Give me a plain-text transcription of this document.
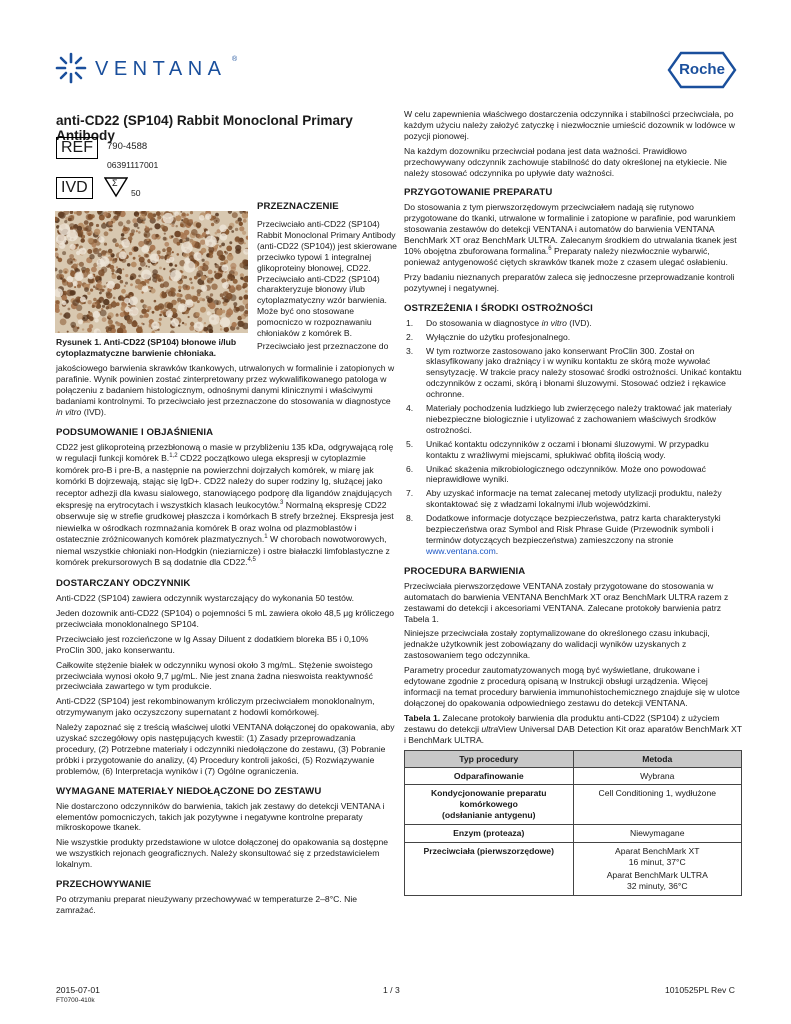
VENTANA ®
Roche
anti-CD22 (SP104) Rabbit Monoclonal Primary Antibody
REF	790-4588
06391117001
IVD	Σ
50
Rysunek 1. Anti-CD22 (SP104) błonowe i/lub cytoplazmatyczne barwienie chłoniaka.
PRZEZNACZENIE

Przeciwciało anti-CD22 (SP104) Rabbit Monoclonal Primary Antibody (anti-CD22 (SP104)) jest skierowane przeciwko typowi 1 integralnej glikoproteiny błonowej, CD22. Przeciwciało anti-CD22 (SP104) charakteryzuje błonowy i/lub cytoplazmatyczny wzór barwienia. Może być ono stosowane pomocniczo w rozpoznawaniu chłoniaków z komórek B.

Przeciwciało jest przeznaczone do

jakościowego barwienia skrawków tkankowych, utrwalonych w formalinie i zatopionych w parafinie. Wynik powinien zostać zinterpretowany przez wykwalifikowanego patologa w połączeniu z badaniem histologicznym, odnośnymi danymi klinicznymi i właściwymi badaniami kontrolnymi. To przeciwciało jest przeznaczone do stosowania w diagnostyce in vitro (IVD).

PODSUMOWANIE I OBJAŚNIENIA

CD22 jest glikoproteiną przezbłonową o masie w przybliżeniu 135 kDa, odgrywającą rolę w regulacji funkcji komórek B.$^{1,2}$ CD22 początkowo ulega ekspresji w cytoplazmie komórek pro-B i pre-B, a następnie na powierzchni dojrzałych komórek, w miarę jak komórki B dojrzewają, stając się IgD+. CD22 należy do super rodziny Ig, służącej jako receptor adhezji dla kwasu sialowego, stanowiącego podporę dla ligandów znajdujących ekspresję na erytrocytach i wszystkich klasach leukocytów.$^3$ Normalną ekspresję CD22 obserwuje się w strefie grudkowej płaszcza i komórkach B strefy brzeżnej. Ekspresja jest niewielka w ośrodkach rozmnażania komórek B oraz wolna od plazmoblastów i ostatecznie zróżnicowanych komórek plazmatycznych.$^1$ W chorobach nowotworowych, niemal wszystkie chłoniaki non-Hodgkin (nieziarnicze) i ostre białaczki limfoblastyczne z komórek prekursorowych B są dodatnie dla CD22.$^{4,5}$

DOSTARCZANY ODCZYNNIK

Anti-CD22 (SP104) zawiera odczynnik wystarczający do wykonania 50 testów.

Jeden dozownik anti-CD22 (SP104) o pojemności 5 mL zawiera około 48,5 μg króliczego przeciwciała monoklonalnego SP104.

Przeciwciało jest rozcieńczone w Ig Assay Diluent z dodatkiem bloreka B5 i 0,10% ProClin 300, jako konserwantu.

Całkowite stężenie białek w odczynniku wynosi około 3 mg/mL. Stężenie swoistego przeciwciała wynosi około 9,7 μg/mL. Nie jest znana żadna nieswoista reaktywność przeciwciała zawartego w tym produkcie.

Anti-CD22 (SP104) jest rekombinowanym króliczym przeciwciałem monoklonalnym, otrzymywanym jako oczyszczony supernatant z hodowli komórkowej.

Należy zapoznać się z treścią właściwej ulotki VENTANA dołączonej do opakowania, aby uzyskać szczegółowy opis następujących kwestii: (1) Zasady przeprowadzania procedury, (2) Potrzebne materiały i odczynniki niedołączone do zestawu, (3) Pobranie próbki i przygotowanie do analizy, (4) Procedury kontroli jakości, (5) Rozwiązywanie problemów, (6) Interpretacja wyników i (7) Ogólne ograniczenia.

WYMAGANE MATERIAŁY NIEDOŁĄCZONE DO ZESTAWU

Nie dostarczono odczynników do barwienia, takich jak zestawy do detekcji VENTANA i elementów pomocniczych, takich jak pozytywne i negatywne kontrolne preparaty mikroskopowe tkanek.

Nie wszystkie produkty przedstawione w ulotce dołączonej do opakowania są dostępne we wszystkich rejonach geograficznych. Należy skonsultować się z przedstawicielem lokalnym.

PRZECHOWYWANIE

Po otrzymaniu preparat nieużywany przechowywać w temperaturze 2–8°C. Nie zamrażać.

W celu zapewnienia właściwego dostarczenia odczynnika i stabilności przeciwciała, po każdym użyciu należy założyć zatyczkę i niezwłocznie umieścić dozownik w lodówce w pozycji pionowej.

Na każdym dozowniku przeciwciał podana jest data ważności. Prawidłowo przechowywany odczynnik zachowuje stabilność do daty określonej na etykiecie. Nie należy stosować odczynnika po upływie daty ważności.

PRZYGOTOWANIE PREPARATU

Do stosowania z tym pierwszorzędowym przeciwciałem nadają się rutynowo przygotowane do tkanki, utrwalone w formalinie i zatopione w parafinie, pod warunkiem stosowania zestawów do detekcji VENTANA i automatów do barwienia VENTANA BenchMark XT oraz BenchMark ULTRA. Zalecanym środkiem do utrwalania tkanek jest 10% obojętna zbuforowana formalina.$^6$ Preparaty należy niezwłocznie wybarwić, ponieważ antygenowość ciętych skrawków tkanek może z czasem ulegać osłabieniu.

Przy badaniu nieznanych preparatów zaleca się jednoczesne przeprowadzanie kontroli pozytywnej i negatywnej.

OSTRZEŻENIA I ŚRODKI OSTROŻNOŚCI
1. Do stosowania w diagnostyce in vitro (IVD).
2. Wyłącznie do użytku profesjonalnego.
3. W tym roztworze zastosowano jako konserwant ProClin 300. Został on sklasyfikowany jako drażniący i w wyniku kontaktu ze skórą może wywołać sensytyzację. W trakcie pracy należy stosować środki ostrożności. Unikać kontaktu odczynników z oczami, skórą i błonami śluzowymi. Stosować odzież i rękawice ochronne.
4. Materiały pochodzenia ludzkiego lub zwierzęcego należy traktować jak materiały niebezpieczne biologicznie i utylizować z zachowaniem właściwych środków ostrożności.
5. Unikać kontaktu odczynników z oczami i błonami śluzowymi. W przypadku kontaktu z wrażliwymi miejscami, spłukiwać obfitą ilością wody.
6. Unikać skażenia mikrobiologicznego odczynników. Może ono powodować nieprawidłowe wyniki.
7. Aby uzyskać informacje na temat zalecanej metody utylizacji produktu, należy skontaktować się z władzami lokalnymi i/lub wojewódzkimi.
8. Dodatkowe informacje dotyczące bezpieczeństwa, patrz karta charakterystyki bezpieczeństwa oraz Symbol and Risk Phrase Guide (Przewodnik symboli i terminów dotyczących bezpieczeństwa) zamieszczony na stronie
www.ventana.com.
PROCEDURA BARWIENIA

Przeciwciała pierwszorzędowe VENTANA zostały przygotowane do stosowania w automatach do barwienia VENTANA BenchMark XT oraz BenchMark ULTRA razem z zestawami do detekcji i akcesoriami VENTANA. Zalecane protokoły barwienia patrz Tabela 1.

Niniejsze przeciwciała zostały zoptymalizowane do określonego czasu inkubacji, jednakże użytkownik jest zobowiązany do walidacji wyników uzyskanych z zastosowaniem tego odczynnika.

Parametry procedur zautomatyzowanych mogą być wyświetlane, drukowane i edytowane zgodnie z procedurą opisaną w Instrukcji obsługi urządzenia. Więcej informacji na temat procedury barwienia immunohistochemicznego znajduje się w ulotce dołączonej do opakowania odpowiedniego zestawu do detekcji VENTANA.

Tabela 1. Zalecane protokoły barwienia dla produktu anti-CD22 (SP104) z użyciem zestawu do detekcji ultraView Universal DAB Detection Kit oraz aparatów BenchMark XT i BenchMark ULTRA.

Typ procedury	Metoda
Odparafinowanie	Wybrana
Kondycjonowanie preparatu komórkowego
(odsłanianie antygenu)	Cell Conditioning 1, wydłużone
Enzym (proteaza)	Niewymagane
Przeciwciała (pierwszorzędowe)	Aparat BenchMark XT
16 minut, 37°C
Aparat BenchMark ULTRA
32 minuty, 36°C
2015-07-01
FT0700-410k
1 / 3	1010525PL Rev C
